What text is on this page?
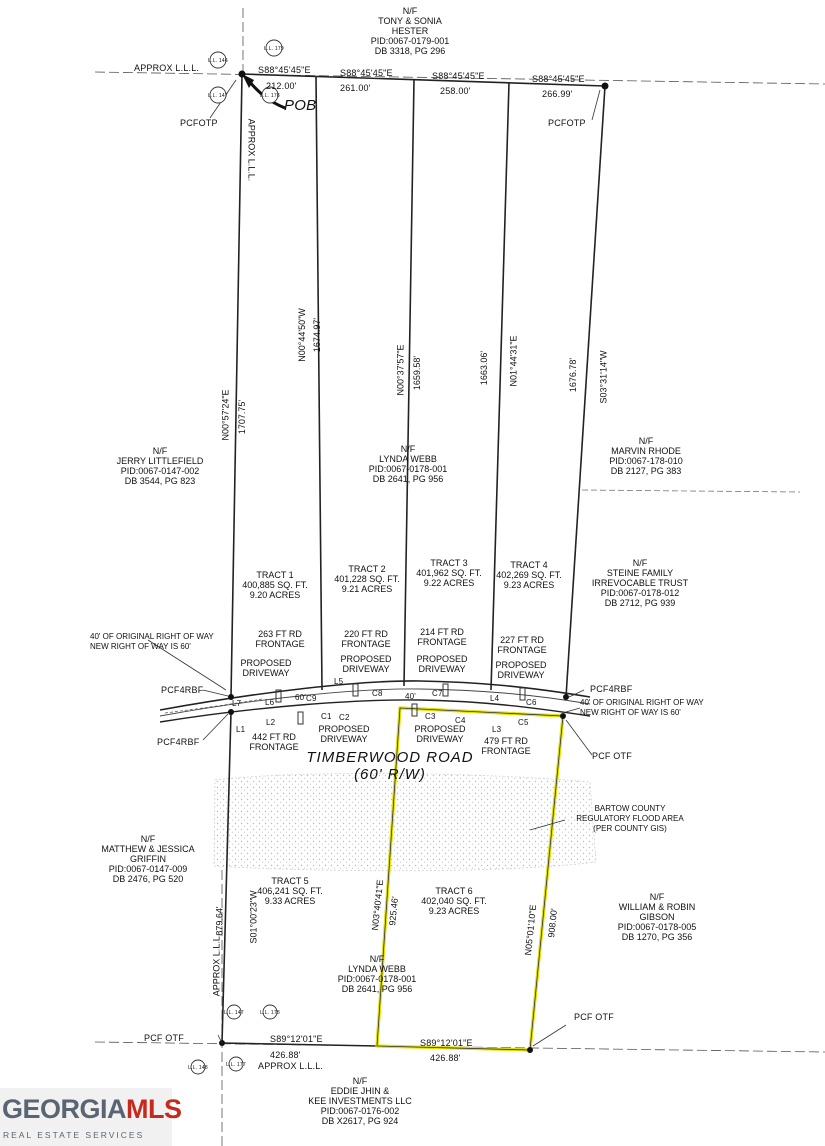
L.L. 179
L.L. 146
L.L. 147	L.L. 178
L.L. 147	L.L. 178
L.L. 148	L.L. 177
N/F
TONY & SONIA
HESTER
PID:0067-0179-001
DB 3318, PG 296
APPROX L.L.L.	S88°45'45"E	S88°45'45"E	S88°45'45"E	S88°45'45"E
212.00'	261.00'	258.00'	266.99'
POB
PCFOTP	PCFOTP
APPROX L.L.L.
N00°57'24"E 1707.75'
N00°44'50"W 1674.97'
N00°37'57"E 1659.58'	1663.06' N01°44'31"E	1676.78' S03°31'14"W
N/F
JERRY LITTLEFIELD
PID:0067-0147-002
DB 3544, PG 823
N/F
LYNDA WEBB
PID:0067-0178-001
DB 2641, PG 956
N/F
MARVIN RHODE
PID:0067-178-010
DB 2127, PG 383
N/F
STEINE FAMILY
IRREVOCABLE TRUST
PID:0067-0178-012
DB 2712, PG 939
TRACT 1
400,885 SQ. FT.
9.20 ACRES
TRACT 2
401,228 SQ. FT.
9.21 ACRES
TRACT 3
401,962 SQ. FT.
9.22 ACRES
TRACT 4
402,269 SQ. FT.
9.23 ACRES
263 FT RD
FRONTAGE
220 FT RD
FRONTAGE
214 FT RD
FRONTAGE	227 FT RD
FRONTAGE
PROPOSED
DRIVEWAY
PROPOSED
DRIVEWAY
PROPOSED
DRIVEWAY	PROPOSED
DRIVEWAY
40' OF ORIGINAL RIGHT OF WAY
NEW RIGHT OF WAY IS 60'
40' OF ORIGINAL RIGHT OF WAY
NEW RIGHT OF WAY IS 60'
PCF4RBF
PCF4RBF
PCF4RBF
PCF OTF
PCF OTF
PCF OTF
L7	L6	C9
L5
C8	C7
L4	C6
L1
L2
C1 C2	C3 C4
L3
C5
60'	40'
442 FT RD
FRONTAGE
PROPOSED
DRIVEWAY	479 FT RD
FRONTAGE
PROPOSED
DRIVEWAY
TIMBERWOOD ROAD
(60' R/W)
BARTOW COUNTY
REGULATORY FLOOD AREA
(PER COUNTY GIS)
N/F
MATTHEW & JESSICA
GRIFFIN
PID:0067-0147-009
DB 2476, PG 520
N/F
WILLIAM & ROBIN
GIBSON
PID:0067-0178-005
DB 1270, PG 356
TRACT 5
406,241 SQ. FT.
9.33 ACRES
TRACT 6
402,040 SQ. FT.
9.23 ACRES
879.64'	S01°00'23"W
APPROX L.L.L.
N03°40'41"E 925.46'	N05°01'10"E 908.00'
N/F
LYNDA WEBB
PID:0067-0178-001
DB 2641, PG 956
S89°12'01"E	S89°12'01"E
426.88'	426.88'
APPROX L.L.L.
N/F
EDDIE JHIN &
KEE INVESTMENTS LLC
PID:0067-0176-002
DB X2617, PG 924
GEORGIAMLS
REAL ESTATE SERVICES
